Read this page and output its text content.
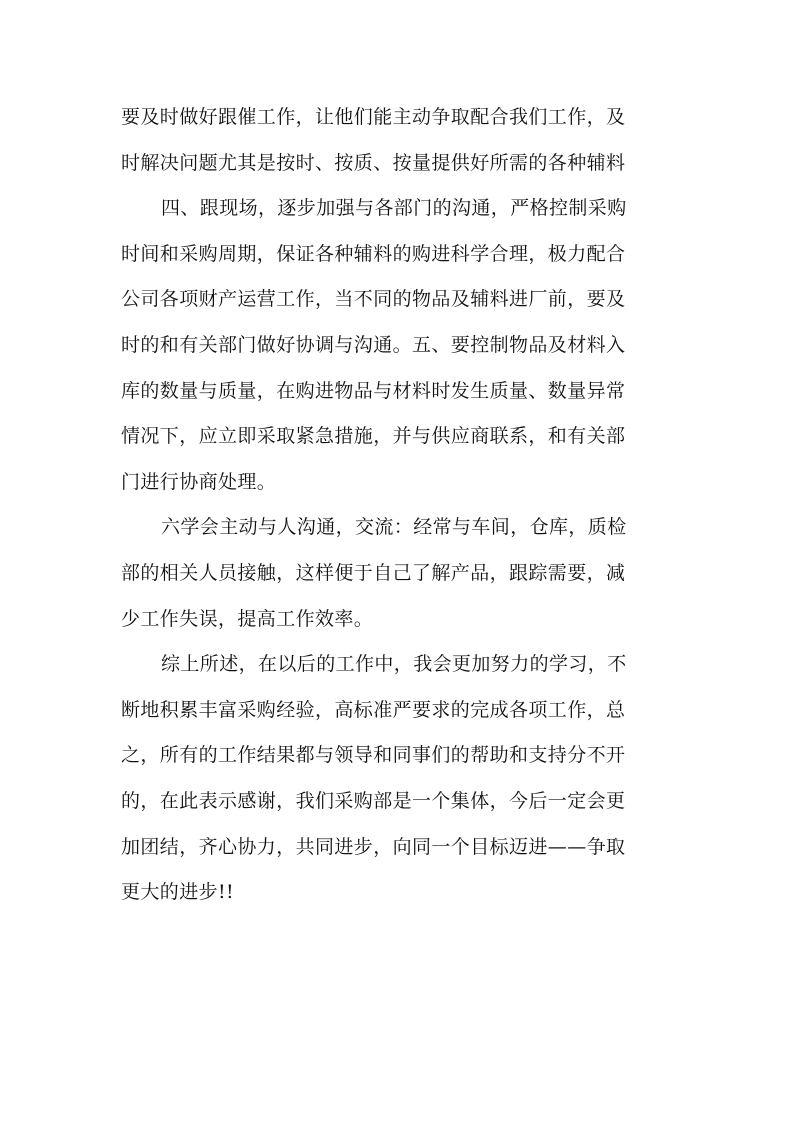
要及时做好跟催工作，让他们能主动争取配合我们工作，及
时解决问题尤其是按时、按质、按量提供好所需的各种辅料

四、跟现场，逐步加强与各部门的沟通，严格控制采购
时间和采购周期，保证各种辅料的购进科学合理，极力配合
公司各项财产运营工作，当不同的物品及辅料进厂前，要及
时的和有关部门做好协调与沟通。五、要控制物品及材料入
库的数量与质量，在购进物品与材料时发生质量、数量异常
情况下，应立即采取紧急措施，并与供应商联系，和有关部
门进行协商处理。

六学会主动与人沟通，交流：经常与车间，仓库，质检
部的相关人员接触，这样便于自己了解产品，跟踪需要，减
少工作失误，提高工作效率。

综上所述，在以后的工作中，我会更加努力的学习，不
断地积累丰富采购经验，高标准严要求的完成各项工作，总
之，所有的工作结果都与领导和同事们的帮助和支持分不开
的，在此表示感谢，我们采购部是一个集体，今后一定会更
加团结，齐心协力，共同进步，向同一个目标迈进——争取
更大的进步!!
